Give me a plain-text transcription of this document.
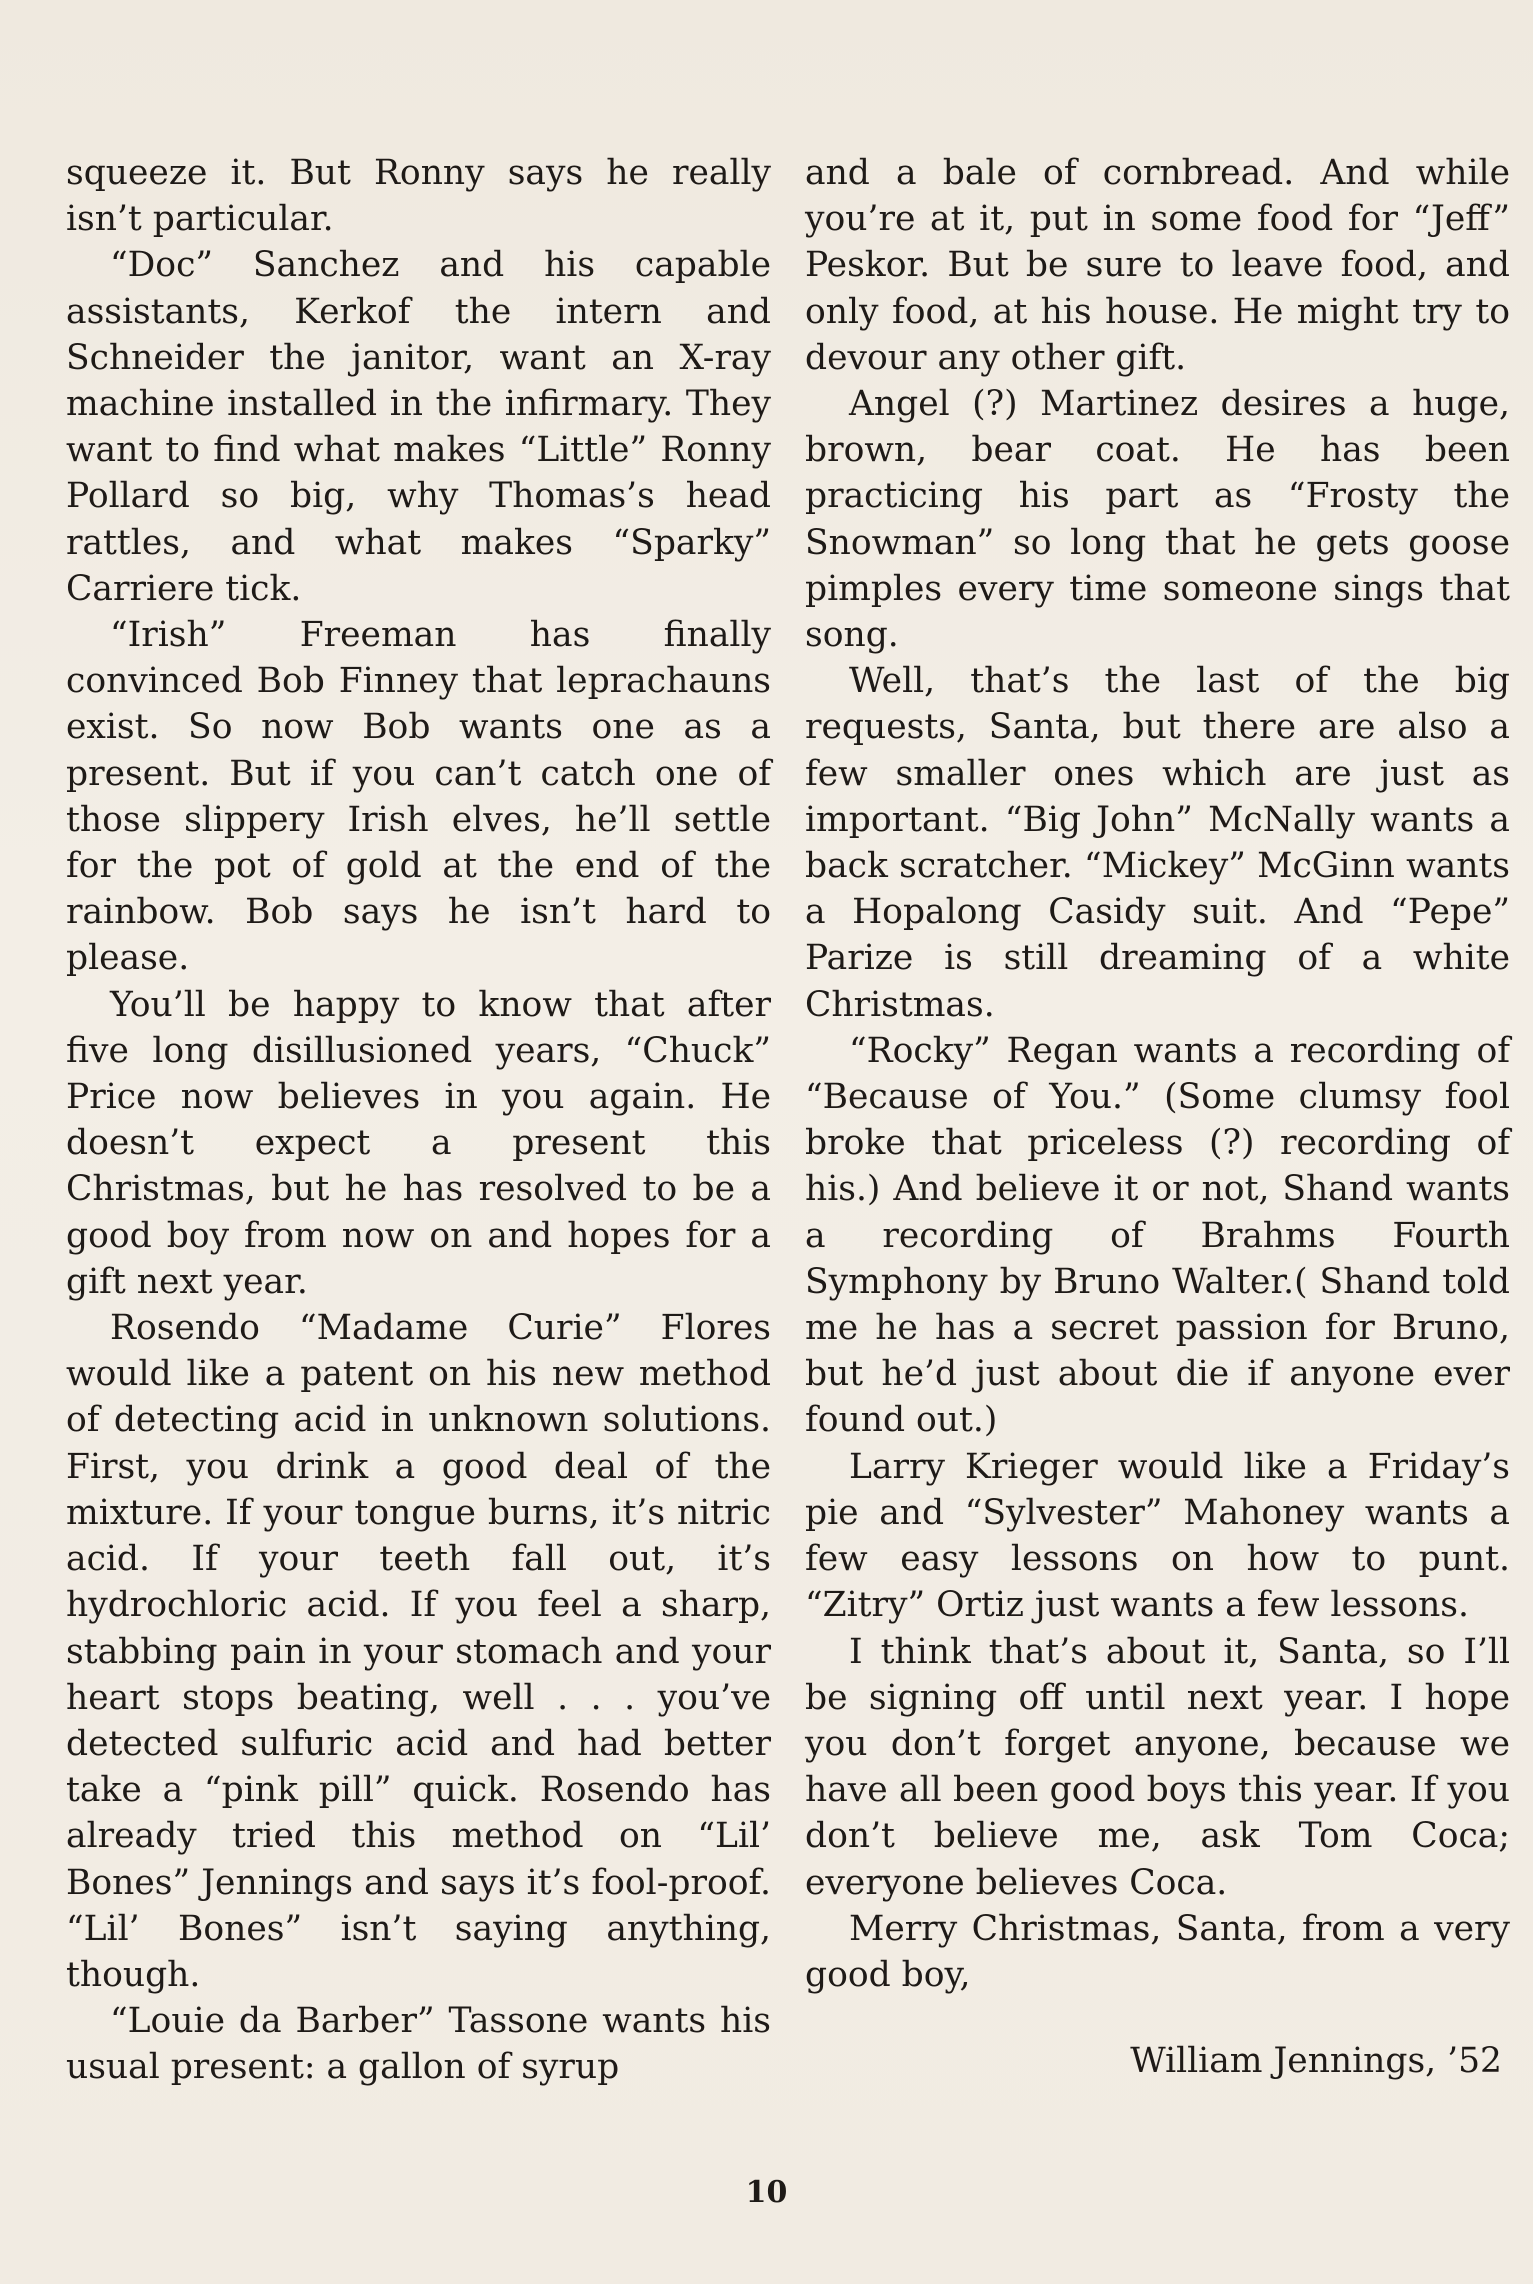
squeeze it. But Ronny says he really isn’t particular.

“Doc” Sanchez and his capable assistants, Kerkof the intern and Schneider the janitor, want an X-ray machine installed in the infirmary. They want to find what makes “Little” Ronny Pollard so big, why Thomas’s head rattles, and what makes “Sparky” Carriere tick.

“Irish” Freeman has finally convinced Bob Finney that leprachauns exist. So now Bob wants one as a present. But if you can’t catch one of those slippery Irish elves, he’ll settle for the pot of gold at the end of the rainbow. Bob says he isn’t hard to please.

You’ll be happy to know that after five long disillusioned years, “Chuck” Price now believes in you again. He doesn’t expect a present this Christmas, but he has resolved to be a good boy from now on and hopes for a gift next year.

Rosendo “Madame Curie” Flores would like a patent on his new method of detecting acid in unknown solutions. First, you drink a good deal of the mixture. If your tongue burns, it’s nitric acid. If your teeth fall out, it’s hydrochloric acid. If you feel a sharp, stabbing pain in your stomach and your heart stops beating, well . . . you’ve detected sulfuric acid and had better take a “pink pill” quick. Rosendo has already tried this method on “Lil’ Bones” Jennings and says it’s fool-proof. “Lil’ Bones” isn’t saying anything, though.

“Louie da Barber” Tassone wants his usual present: a gallon of syrup

and a bale of cornbread. And while you’re at it, put in some food for “Jeff” Peskor. But be sure to leave food, and only food, at his house. He might try to devour any other gift.

Angel (?) Martinez desires a huge, brown, bear coat. He has been practicing his part as “Frosty the Snowman” so long that he gets goose pimples every time someone sings that song.

Well, that’s the last of the big requests, Santa, but there are also a few smaller ones which are just as important. “Big John” McNally wants a back scratcher. “Mickey” McGinn wants a Hopalong Casidy suit. And “Pepe” Parize is still dreaming of a white Christmas.

“Rocky” Regan wants a recording of “Because of You.” (Some clumsy fool broke that priceless (?) recording of his.) And believe it or not, Shand wants a recording of Brahms Fourth Symphony by Bruno Walter.( Shand told me he has a secret passion for Bruno, but he’d just about die if anyone ever found out.)

Larry Krieger would like a Friday’s pie and “Sylvester” Mahoney wants a few easy lessons on how to punt. “Zitry” Ortiz just wants a few lessons.

I think that’s about it, Santa, so I’ll be signing off until next year. I hope you don’t forget anyone, because we have all been good boys this year. If you don’t believe me, ask Tom Coca; everyone believes Coca.

Merry Christmas, Santa, from a very good boy,

William Jennings, ’52

10
